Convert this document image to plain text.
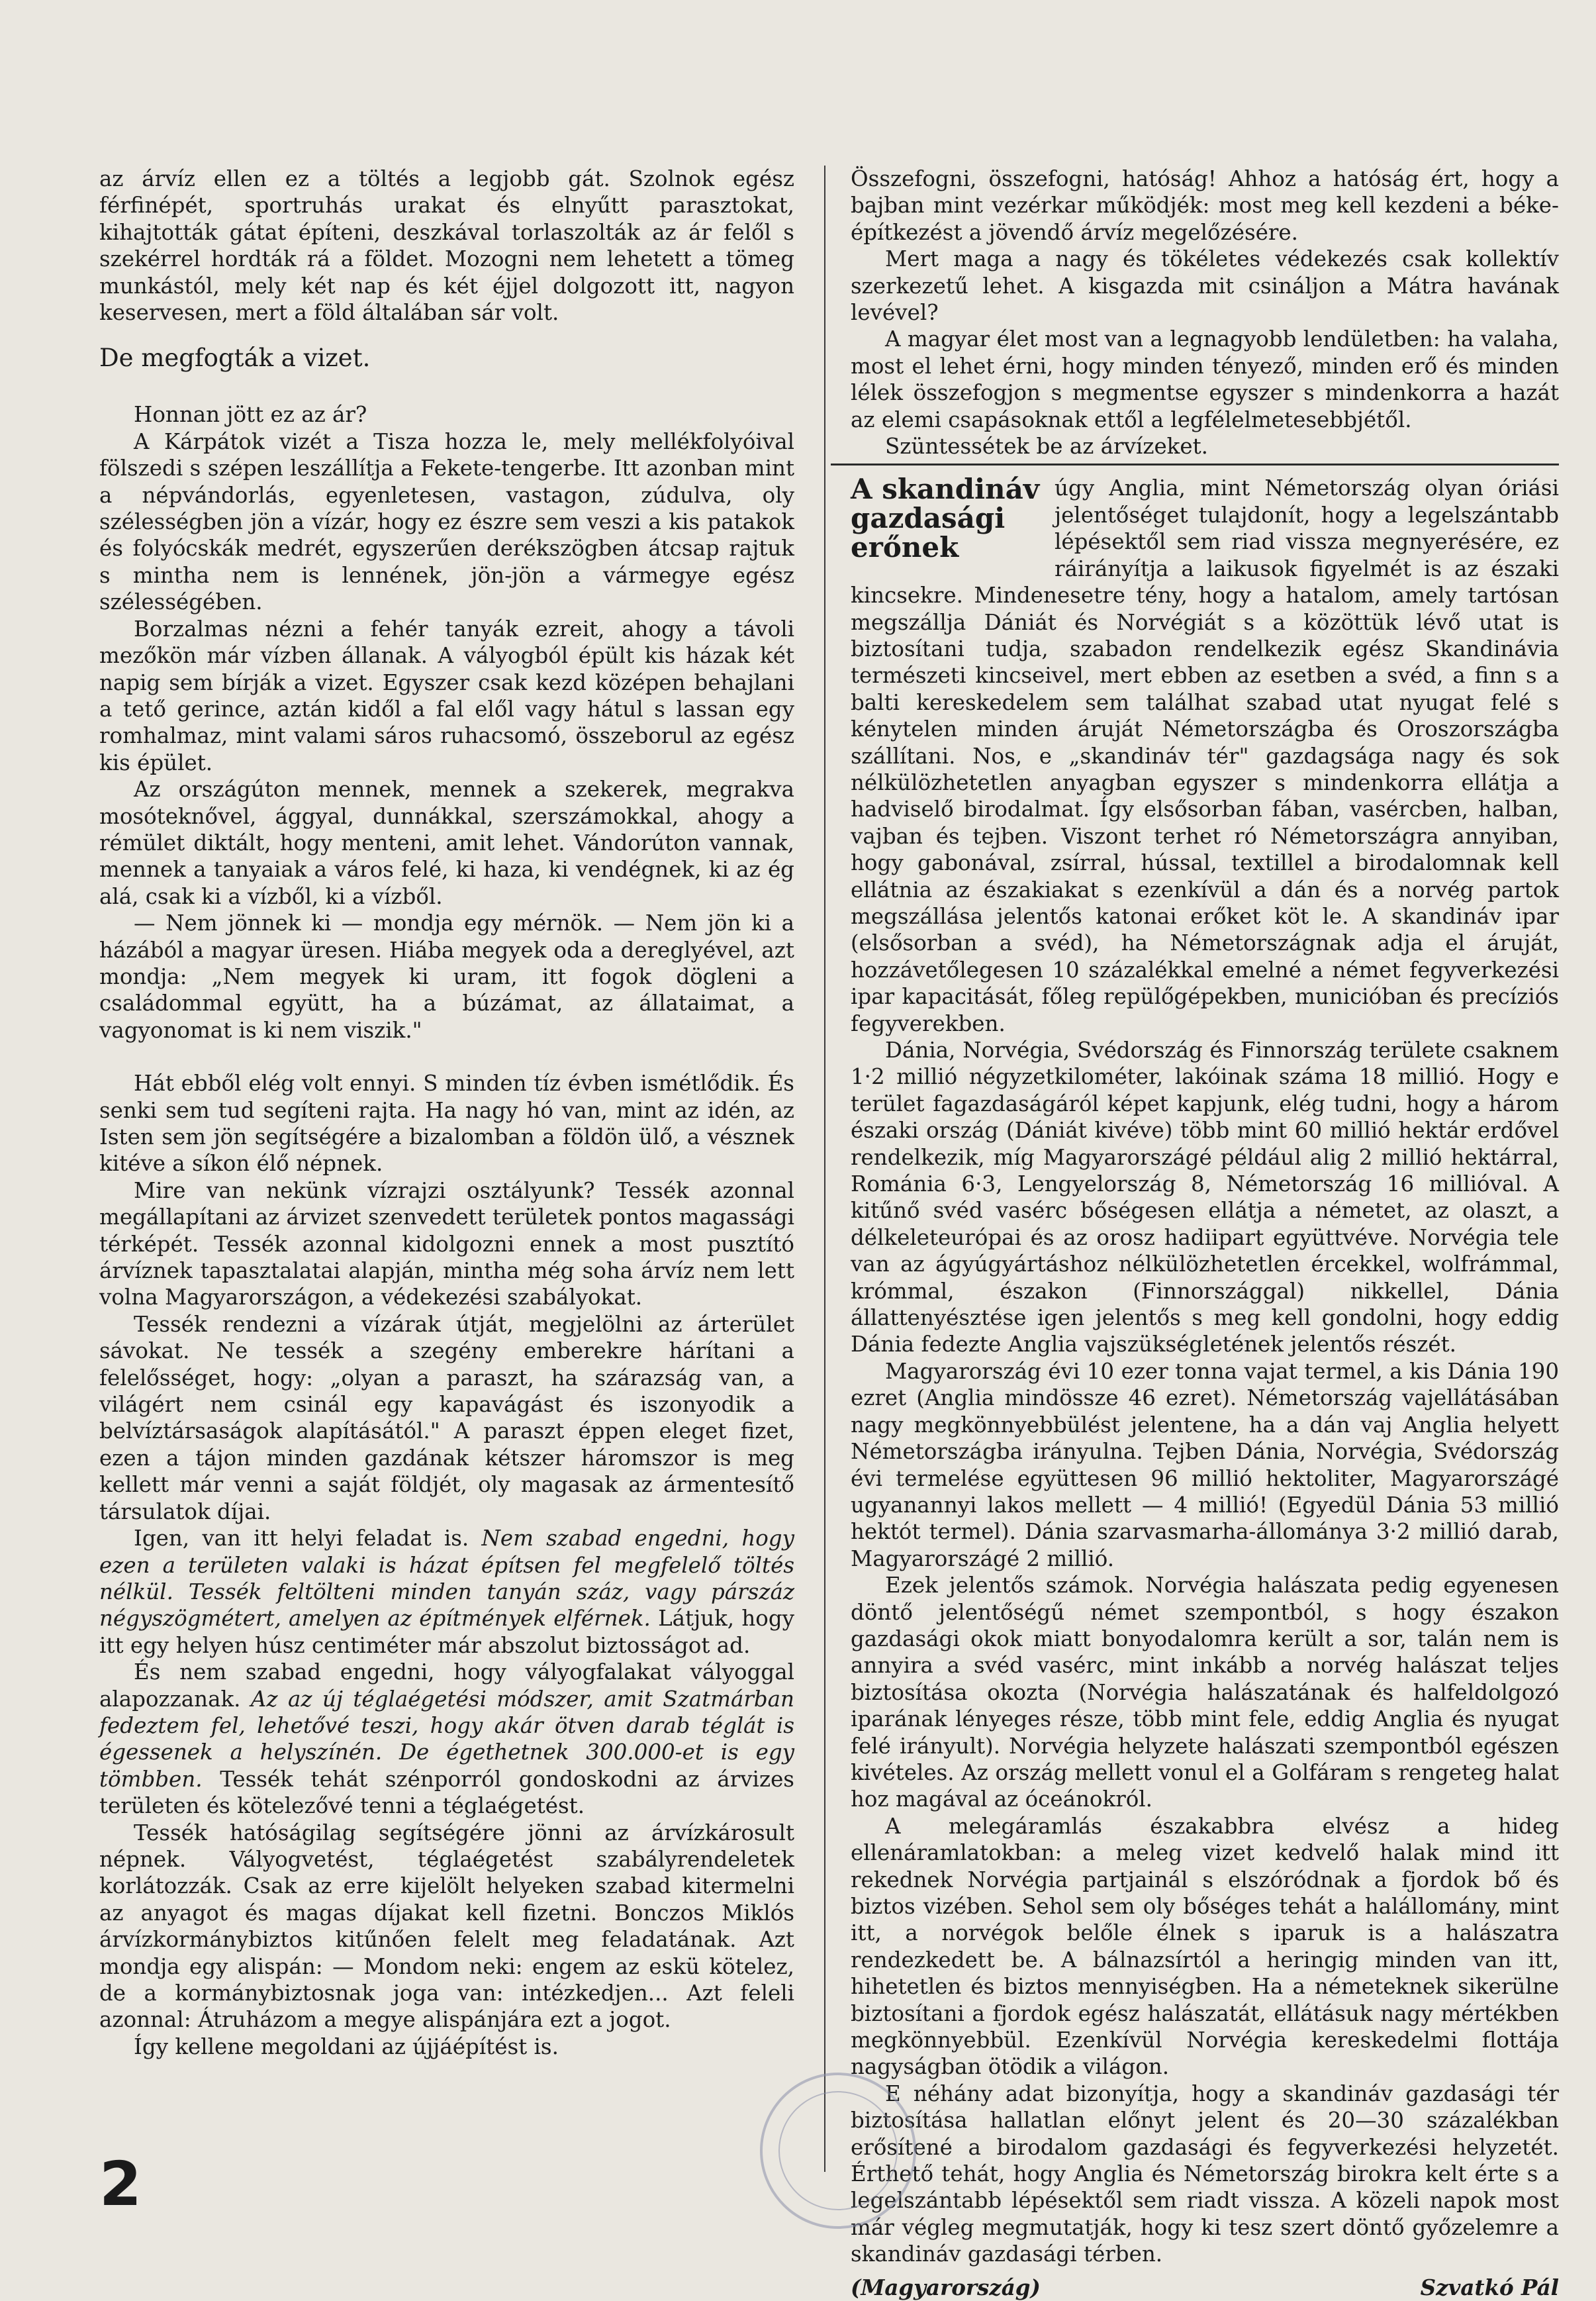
az árvíz ellen ez a töltés a legjobb gát. Szolnok egész férfinépét, sportruhás urakat és elnyűtt parasztokat, kihajtották gátat építeni, deszkával torlaszolták az ár felől s szekérrel hordták rá a földet. Mozogni nem lehetett a tömeg munkástól, mely két nap és két éjjel dolgozott itt, nagyon keservesen, mert a föld általában sár volt.

De megfogták a vizet.

Honnan jött ez az ár?

A Kárpátok vizét a Tisza hozza le, mely mellékfolyóival fölszedi s szépen leszállítja a Fekete-tengerbe. Itt azonban mint a népvándorlás, egyenletesen, vastagon, zúdulva, oly szélességben jön a vízár, hogy ez észre sem veszi a kis patakok és folyócskák medrét, egyszerűen derékszögben átcsap rajtuk s mintha nem is lennének, jön-jön a vármegye egész szélességében.

Borzalmas nézni a fehér tanyák ezreit, ahogy a távoli mezőkön már vízben állanak. A vályogból épült kis házak két napig sem bírják a vizet. Egyszer csak kezd középen behajlani a tető gerince, aztán kidől a fal elől vagy hátul s lassan egy romhalmaz, mint valami sáros ruhacsomó, összeborul az egész kis épület.

Az országúton mennek, mennek a szekerek, megrakva mosóteknővel, ággyal, dunnákkal, szerszámokkal, ahogy a rémület diktált, hogy menteni, amit lehet. Vándorúton vannak, mennek a tanyaiak a város felé, ki haza, ki vendégnek, ki az ég alá, csak ki a vízből, ki a vízből.

— Nem jönnek ki — mondja egy mérnök. — Nem jön ki a házából a magyar üresen. Hiába megyek oda a dereglyével, azt mondja: „Nem megyek ki uram, itt fogok dögleni a családommal együtt, ha a búzámat, az állataimat, a vagyonomat is ki nem viszik."

Hát ebből elég volt ennyi. S minden tíz évben ismétlődik. És senki sem tud segíteni rajta. Ha nagy hó van, mint az idén, az Isten sem jön segítségére a bizalomban a földön ülő, a vésznek kitéve a síkon élő népnek.

Mire van nekünk vízrajzi osztályunk? Tessék azonnal megállapítani az árvizet szenvedett területek pontos magassági térképét. Tessék azonnal kidolgozni ennek a most pusztító árvíznek tapasztalatai alapján, mintha még soha árvíz nem lett volna Magyarországon, a védekezési szabályokat.

Tessék rendezni a vízárak útját, megjelölni az árterület sávokat. Ne tessék a szegény emberekre hárítani a felelősséget, hogy: „olyan a paraszt, ha szárazság van, a világért nem csinál egy kapavágást és iszonyodik a belvíztársaságok alapításától." A paraszt éppen eleget fizet, ezen a tájon minden gazdának kétszer háromszor is meg kellett már venni a saját földjét, oly magasak az ármentesítő társulatok díjai.

Igen, van itt helyi feladat is. Nem szabad engedni, hogy ezen a területen valaki is házat építsen fel megfelelő töltés nélkül. Tessék feltölteni minden tanyán száz, vagy párszáz négyszögmétert, amelyen az építmények elférnek. Látjuk, hogy itt egy helyen húsz centiméter már abszolut biztosságot ad.

És nem szabad engedni, hogy vályogfalakat vályoggal alapozzanak. Az az új téglaégetési módszer, amit Szatmárban fedeztem fel, lehetővé teszi, hogy akár ötven darab téglát is égessenek a helyszínén. De égethetnek 300.000-et is egy tömbben. Tessék tehát szénporról gondoskodni az árvizes területen és kötelezővé tenni a téglaégetést.

Tessék hatóságilag segítségére jönni az árvízkárosult népnek. Vályogvetést, téglaégetést szabályrendeletek korlátozzák. Csak az erre kijelölt helyeken szabad kitermelni az anyagot és magas díjakat kell fizetni. Bonczos Miklós árvízkormánybiztos kitűnően felelt meg feladatának. Azt mondja egy alispán: — Mondom neki: engem az eskü kötelez, de a kormánybiztosnak joga van: intézkedjen... Azt feleli azonnal: Átruházom a megye alispánjára ezt a jogot.

Így kellene megoldani az újjáépítést is.

Összefogni, összefogni, hatóság! Ahhoz a hatóság ért, hogy a bajban mint vezérkar működjék: most meg kell kezdeni a béke-építkezést a jövendő árvíz megelőzésére.

Mert maga a nagy és tökéletes védekezés csak kollektív szerkezetű lehet. A kisgazda mit csináljon a Mátra havának levével?

A magyar élet most van a legnagyobb lendületben: ha valaha, most el lehet érni, hogy minden tényező, minden erő és minden lélek összefogjon s megmentse egyszer s mindenkorra a hazát az elemi csapásoknak ettől a legfélelmetesebbjétől.

Szüntessétek be az árvízeket.

A skandináv gazdasági erőnek

úgy Anglia, mint Németország olyan óriási jelentőséget tulajdonít, hogy a legelszántabb lépésektől sem riad vissza megnyerésére, ez ráirányítja a laikusok figyelmét is az északi kincsekre. Mindenesetre tény, hogy a hatalom, amely tartósan megszállja Dániát és Norvégiát s a közöttük lévő utat is biztosítani tudja, szabadon rendelkezik egész Skandinávia természeti kincseivel, mert ebben az esetben a svéd, a finn s a balti kereskedelem sem találhat szabad utat nyugat felé s kénytelen minden áruját Németországba és Oroszországba szállítani. Nos, e „skandináv tér" gazdagsága nagy és sok nélkülözhetetlen anyagban egyszer s mindenkorra ellátja a hadviselő birodalmat. Így elsősorban fában, vasércben, halban, vajban és tejben. Viszont terhet ró Németországra annyiban, hogy gabonával, zsírral, hússal, textillel a birodalomnak kell ellátnia az északiakat s ezenkívül a dán és a norvég partok megszállása jelentős katonai erőket köt le. A skandináv ipar (elsősorban a svéd), ha Németországnak adja el áruját, hozzávetőlegesen 10 százalékkal emelné a német fegyverkezési ipar kapacitását, főleg repülőgépekben, municióban és precíziós fegyverekben.

Dánia, Norvégia, Svédország és Finnország területe csaknem 1·2 millió négyzetkilométer, lakóinak száma 18 millió. Hogy e terület fagazdaságáról képet kapjunk, elég tudni, hogy a három északi ország (Dániát kivéve) több mint 60 millió hektár erdővel rendelkezik, míg Magyarországé például alig 2 millió hektárral, Romániа 6·3, Lengyelország 8, Németország 16 millióval. A kitűnő svéd vasérc bőségesen ellátja a németet, az olaszt, a délkeleteurópai és az orosz hadiipart együttvéve. Norvégia tele van az ágyúgyártáshoz nélkülözhetetlen ércekkel, wolfrámmal, krómmal, északon (Finnországgal) nikkellel, Dánia állattenyésztése igen jelentős s meg kell gondolni, hogy eddig Dánia fedezte Anglia vajszükségletének jelentős részét.

Magyarország évi 10 ezer tonna vajat termel, a kis Dánia 190 ezret (Anglia mindössze 46 ezret). Németország vajellátásában nagy megkönnyebbülést jelentene, ha a dán vaj Anglia helyett Németországba irányulna. Tejben Dánia, Norvégia, Svédország évi termelése együttesen 96 millió hektoliter, Magyarországé ugyanannyi lakos mellett — 4 millió! (Egyedül Dánia 53 millió hektót termel). Dánia szarvasmarha-állománya 3·2 millió darab, Magyarországé 2 millió.

Ezek jelentős számok. Norvégia halászata pedig egyenesen döntő jelentőségű német szempontból, s hogy északon gazdasági okok miatt bonyodalomra került a sor, talán nem is annyira a svéd vasérc, mint inkább a norvég halászat teljes biztosítása okozta (Norvégia halászatának és halfeldolgozó iparának lényeges része, több mint fele, eddig Anglia és nyugat felé irányult). Norvégia helyzete halászati szempontból egészen kivételes. Az ország mellett vonul el a Golfáram s rengeteg halat hoz magával az óceánokról.

A melegáramlás északabbra elvész a hideg ellenáramlatokban: a meleg vizet kedvelő halak mind itt rekednek Norvégia partjainál s elszóródnak a fjordok bő és biztos vizében. Sehol sem oly bőséges tehát a halállomány, mint itt, a norvégok belőle élnek s iparuk is a halászatra rendezkedett be. A bálnazsírtól a heringig minden van itt, hihetetlen és biztos mennyiségben. Ha a németeknek sikerülne biztosítani a fjordok egész halászatát, ellátásuk nagy mértékben megkönnyebbül. Ezenkívül Norvégia kereskedelmi flottája nagyságban ötödik a világon.

E néhány adat bizonyítja, hogy a skandináv gazdasági tér biztosítása hallatlan előnyt jelent és 20—30 százalékban erősítené a birodalom gazdasági és fegyverkezési helyzetét. Érthető tehát, hogy Anglia és Németország birokra kelt érte s a legelszántabb lépésektől sem riadt vissza. A közeli napok most már végleg megmutatják, hogy ki tesz szert döntő győzelemre a skandináv gazdasági térben.

(Magyarország)	Szvatkó Pál
2
